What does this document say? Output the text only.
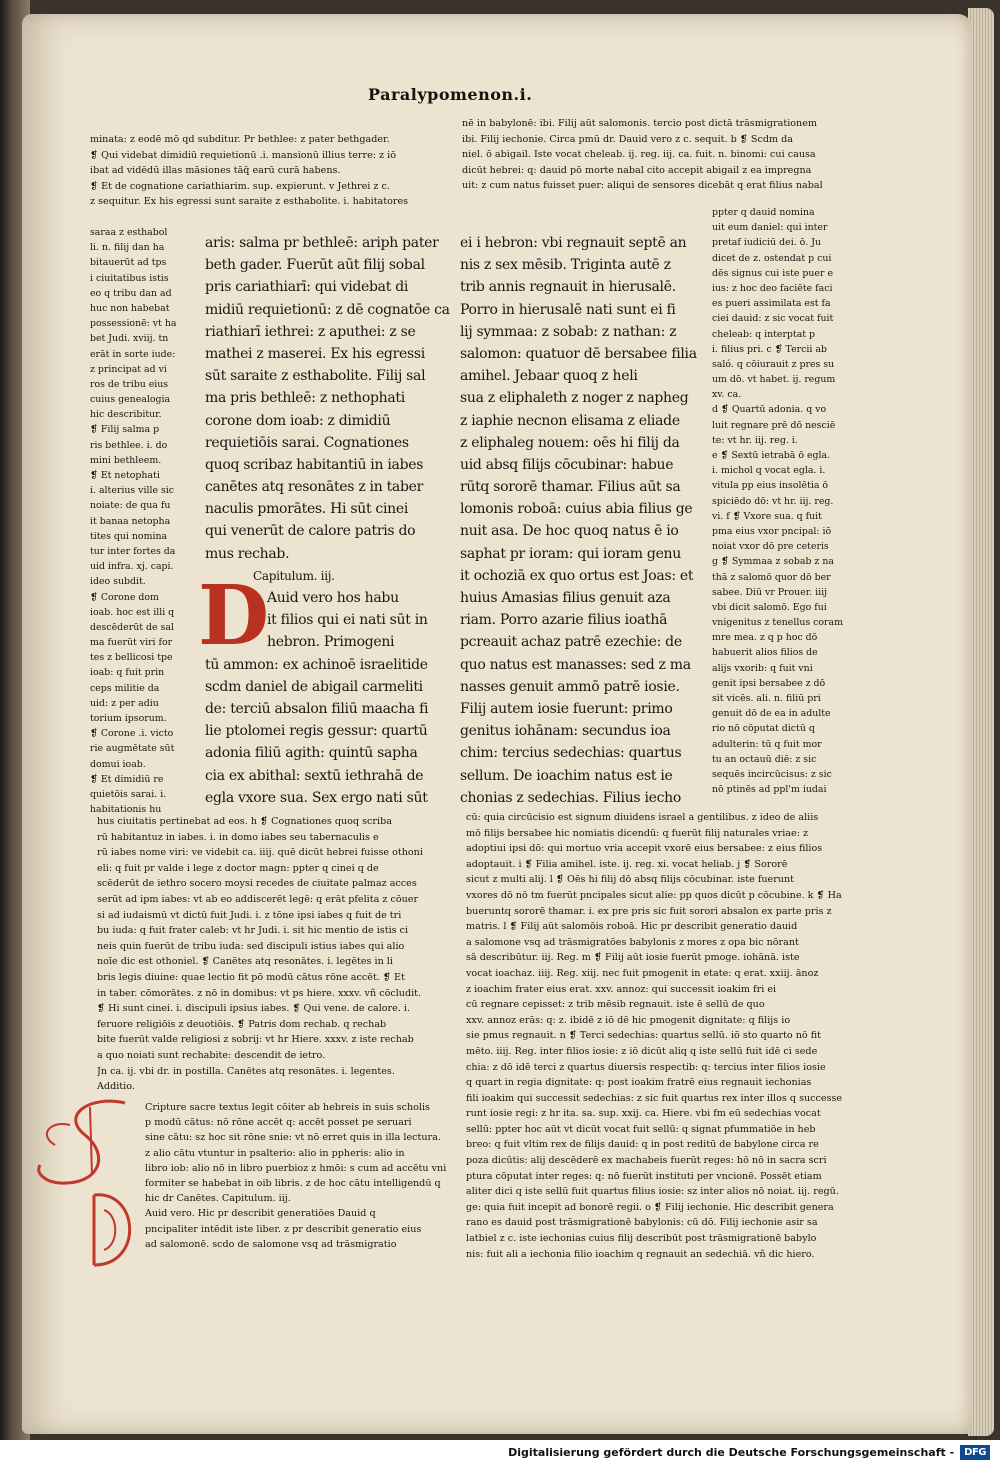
Paralypomenon.i.
minata: z eodē mō qd subditur. Pr bethlee: z pater bethgader.
❡ Qui videbat dimidiū requietionū .i. mansionū illius terre: z iō
ibat ad vidēdū illas māsiones tāq̄ earū curā habens.
❡ Et de cognatione cariathiarim. sup. expierunt. v Jethrei z c.
z sequitur. Ex his egressi sunt saraite z esthabolite. i. habitatores
nē in babylonē: ibi. Filij aūt salomonis. tercio post dictā trāsmigrationem
ibi. Filij iechonie. Circa pmū dr. Dauid vero z c. sequit. b ❡ Scdm da
niel. ō abigail. Iste vocat cheleab. ij. reg. iij. ca. fuit. n. binomi: cui causa
dicūt hebrei: q: dauid pō morte nabal cito accepit abigail z ea impregna
uit: z cum natus fuisset puer: aliqui de sensores dicebāt q erat filius nabal
saraa z esthabol
li. n. filij dan ha
bitauerūt ad tps
i ciuitatibus istis
eo q tribu dan ad
huc non habebat
possessionē: vt ha
bet Judi. xviij. tn
erāt in sorte iude:
z principat ad vi
ros de tribu eius
cuius genealogia
hic describitur.
❡ Filij salma p
ris bethlee. i. do
mini bethleem.
❡ Et netophati
i. alterius ville sic
noiate: de qua fu
it banaa netopha
tites qui nomina
tur inter fortes da
uid infra. xj. capi.
ideo subdit.
❡ Corone dom
ioab. hoc est illi q
descēderūt de sal
ma fuerūt viri for
tes z bellicosi tpe
ioab: q fuit prin
ceps militie da
uid: z per adiu
torium ipsorum.
❡ Corone .i. victo
rie augmētate sūt
domui ioab.
❡ Et dimidiū re
quietōis sarai. i.
habitationis hu
ppter q dauid nomina
uit eum daniel: qui inter
pretaf iudiciū dei. ō. Ju
dicet de z. ostendat p cui
dēs signus cui iste puer e
ius: z hoc deo faciēte faci
es pueri assimilata est fa
ciei dauid: z sic vocat fuit
cheleab: q interptat p
i. filius pri. c ❡ Tercii ab
saló. q cōiurauit z pres su
um dō. vt habet. ij. regum
xv. ca.
d ❡ Quartū adonia. q vo
luit regnare prē dō nesciē
te: vt hr. iij. reg. i.
e ❡ Sextū ietrabā ō egla.
i. michol q vocat egla. i.
vitula pp eius insolētia ō
spiciēdo dō: vt hr. iij. reg.
vi. f ❡ Vxore sua. q fuit
pma eius vxor pncipal: iō
noiat vxor dō pre ceteris
g ❡ Symmaa z sobab z na
thā z salomō quor dō ber
sabee. Diū vr Prouer. iiij
vbi dicit salomō. Ego fui
vnigenitus z tenellus coram
mre mea. z q p hoc dō
habuerit alios filios de
alijs vxorib: q fuit vni
genit ipsi bersabee z dō
sit vicēs. ali. n. filiū pri
genuit dō de ea in adulte
rio nō cōputat dictū q
adulterin: tū q fuit mor
tu an octauū diē: z sic
sequēs incircūcisus: z sic
nō ptinēs ad ppl'm iudai
aris: salma pr bethleē: ariph pater
beth gader. Fuerūt aūt filij sobal
pris cariathiarī: qui videbat di
midiū requietionū: z dē cognatōe ca
riathiarī iethrei: z aputhei: z se
mathei z maserei. Ex his egressi
sūt saraite z esthabolite. Filij sal
ma pris bethleē: z nethophati
corone dom ioab: z dimidiū
requietiōis sarai. Cognationes
quoq scribaz habitantiū in iabes
canētes atq resonātes z in taber
naculis pmorātes. Hi sūt cinei
qui venerūt de calore patris do
mus rechab.
Capitulum. iij.
Auid vero hos habu
it filios qui ei nati sūt in
hebron. Primogeni
tū ammon: ex achinoē israelitide
scdm daniel de abigail carmeliti
de: terciū absalon filiū maacha fi
lie ptolomei regis gessur: quartū
adonia filiū agith: quintū sapha
cia ex abithal: sextū iethrahā de
egla vxore sua. Sex ergo nati sūt
D
ei i hebron: vbi regnauit septē an
nis z sex mēsib. Triginta autē z
trib annis regnauit in hierusalē.
Porro in hierusalē nati sunt ei fi
lij symmaa: z sobab: z nathan: z
salomon: quatuor dē bersabee filia
amihel. Jebaar quoq z heli
sua z eliphaleth z noger z napheg
z iaphie necnon elisama z eliade
z eliphaleg nouem: oēs hi filij da
uid absq filijs cōcubinar: habue
rūtq sororē thamar. Filius aūt sa
lomonis roboā: cuius abia filius ge
nuit asa. De hoc quoq natus ē io
saphat pr ioram: qui ioram genu
it ochoziā ex quo ortus est Joas: et
huius Amasias filius genuit aza
riam. Porro azarie filius ioathā
pcreauit achaz patrē ezechie: de
quo natus est manasses: sed z ma
nasses genuit ammō patrē iosie.
Filij autem iosie fuerunt: primo
genitus iohānam: secundus ioa
chim: tercius sedechias: quartus
sellum. De ioachim natus est ie
chonias z sedechias. Filius iecho
hus ciuitatis pertinebat ad eos. h ❡ Cognationes quoq scriba
rū habitantuz in iabes. i. in domo iabes seu tabernaculis e
rū iabes nome viri: ve videbit ca. iiij. quē dicūt hebrei fuisse othoni
eli: q fuit pr valde i lege z doctor magn: ppter q cinei q de
scēderūt de iethro socero moysi recedes de ciuitate palmaz acces
serūt ad ipm iabes: vt ab eo addiscerēt legē: q erāt pfelita z cōuer
si ad iudaismū vt dictū fuit Judi. i. z tōne ipsi iabes q fuit de tri
bu iuda: q fuit frater caleb: vt hr Judi. i. sit hic mentio de istis ci
neis quin fuerūt de tribu iuda: sed discipuli istius iabes qui alio
noīe dic est othoniel. ❡ Canētes atq resonātes. i. legētes in li
bris legis diuine: quae lectio fit pō modū cātus rōne accēt. ❡ Et
in taber. cōmorātes. z nō in domibus: vt ps hiere. xxxv. vñ cōcludit.
❡ Hi sunt cinei. i. discipuli ipsius iabes. ❡ Qui vene. de calore. i.
feruore religiōis z deuotiōis. ❡ Patris dom rechab. q rechab
bite fuerūt valde religiosi z sobrij: vt hr Hiere. xxxv. z iste rechab
a quo noiati sunt rechabite: descendit de ietro.
Jn ca. ij. vbi dr. in postilla. Canētes atq resonātes. i. legentes.
Additio.
cū: quia circūcisio est signum diuidens israel a gentilibus. z ideo de aliis
mō filijs bersabee hic nomiatis dicendū: q fuerūt filij naturales vriae: z
adoptiui ipsi dō: qui mortuo vria accepit vxorē eius bersabee: z eius filios
adoptauit. i ❡ Filia amihel. iste. ij. reg. xi. vocat heliab. j ❡ Sororē
sicut z multi alij. l ❡ Oēs hi filij dō absq filijs cōcubinar. iste fuerunt
vxores dō nō tm fuerūt pncipales sicut alie: pp quos dicūt p cōcubine. k ❡ Ha
bueruntq sororē thamar. i. ex pre pris sic fuit sorori absalon ex parte pris z
matris. l ❡ Filij aūt salomōis roboā. Hic pr describit generatio dauid
a salomone vsq ad trāsmigratōes babylonis z mores z opa bic nōrant
sā describūtur. iij. Reg. m ❡ Filij aūt iosie fuerūt pmoge. iohānā. iste
vocat ioachaz. iiij. Reg. xiij. nec fuit pmogenit in etate: q erat. xxiij. ānoz
z ioachim frater eius erat. xxv. annoz: qui successit ioakim fri ei
cū regnare cepisset: z trib mēsib regnauit. iste ē sellū de quo
xxv. annoz erās: q: z. ibidē z iō dē hic pmogenit dignitate: q filijs io
sie pmus regnauit. n ❡ Terci sedechias: quartus sellū. iō sto quarto nō fit
mēto. iiij. Reg. inter filios iosie: z iō dicūt aliq q iste sellū fuit idē ci sede
chia: z dō idē terci z quartus diuersis respectib: q: tercius inter filios iosie
q quart in regia dignitate: q: post ioakim fratrē eius regnauit iechonias
fili ioakim qui successit sedechias: z sic fuit quartus rex inter illos q successe
runt iosie regi: z hr ita. sa. sup. xxij. ca. Hiere. vbi fm eū sedechias vocat
sellū: ppter hoc aūt vt dicūt vocat fuit sellū: q signat pfummatiōe in heb
breo: q fuit vltim rex de filijs dauid: q in post reditū de babylone circa re
poza dicūtis: alij descēderē ex machabeis fuerūt reges: hō nō in sacra scri
ptura cōputat inter reges: q: nō fuerūt instituti per vncionē. Possēt etiam
aliter dici q iste sellū fuit quartus filius iosie: sz inter alios nō noiat. iij. regū.
ge: quia fuit incepit ad bonorē regii. o ❡ Filij iechonie. Hic describit genera
rano es dauid post trāsmigrationē babylonis: cū dō. Filij iechonie asir sa
latbiel z c. iste iechonias cuius filij describūt post trāsmigrationē babylo
nis: fuit ali a iechonia filio ioachim q regnauit an sedechiā. vñ dic hiero.
Cripture sacre textus legit cōiter ab hebreis in suis scholis
p modū cātus: nō rōne accēt q: accēt posset pe seruari
sine cātu: sz hoc sit rōne snie: vt nō erret quis in illa lectura.
z alio cātu vtuntur in psalterio: alio in ppheris: alio in
libro iob: alio nō in libro puerbioz z hmōi: s cum ad accētu vni
formiter se habebat in oib libris. z de hoc cātu intelligendū q
hic dr Canētes. Capitulum. iij.
Auid vero. Hic pr describit generatiōes Dauid q
pncipaliter intēdit iste liber. z pr describit generatio eius
ad salomonē. scdo de salomone vsq ad trāsmigratio
Digitalisierung gefördert durch die Deutsche Forschungsgemeinschaft -	DFG
